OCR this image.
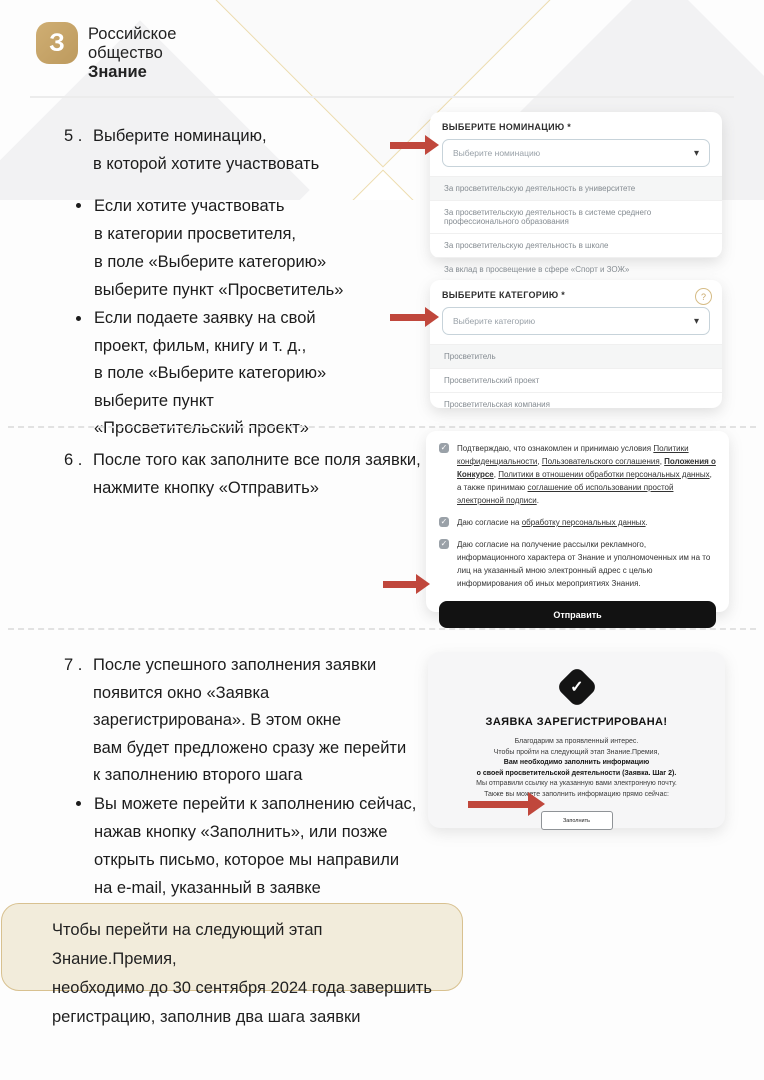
З Российское
общество
Знание
5 . Выберите номинацию,
в которой хотите участвовать
Если хотите участвовать
в категории просветителя,
в поле «Выберите категорию»
выберите пункт «Просветитель»
Если подаете заявку на свой
проект, фильм, книгу и т. д.,
в поле «Выберите категорию»
выберите пункт
«Просветительский проект»
ВЫБЕРИТЕ НОМИНАЦИЮ *
Выберите номинацию	▾
За просветительскую деятельность в университете
За просветительскую деятельность в системе среднего профессионального образования
За просветительскую деятельность в школе
За вклад в просвещение в сфере «Спорт и ЗОЖ»
?
ВЫБЕРИТЕ КАТЕГОРИЮ *
Выберите категорию	▾
Просветитель
Просветительский проект
Просветительская компания
6 . После того как заполните все поля заявки,
нажмите кнопку «Отправить»
✓ Подтверждаю, что ознакомлен и принимаю условия Политики конфиденциальности, Пользовательского соглашения, Положения о Конкурсе, Политики в отношении обработки персональных данных, а также принимаю соглашение об использовании простой электронной подписи.
✓ Даю согласие на обработку персональных данных.
✓ Даю согласие на получение рассылки рекламного, информационного характера от Знание и уполномоченных им на то лиц на указанный мною электронный адрес с целью информирования об иных мероприятиях Знания.
Отправить
7 . После успешного заполнения заявки
появится окно «Заявка
зарегистрирована». В этом окне
вам будет предложено сразу же перейти
к заполнению второго шага
Вы можете перейти к заполнению сейчас,
нажав кнопку «Заполнить», или позже
открыть письмо, которое мы направили
на e-mail, указанный в заявке
✓
ЗАЯВКА ЗАРЕГИСТРИРОВАНА!
Благодарим за проявленный интерес.
Чтобы пройти на следующий этап Знание.Премия,
Вам необходимо заполнить информацию
о своей просветительской деятельности (Заявка. Шаг 2).
Мы отправили ссылку на указанную вами электронную почту.
Также вы можете заполнить информацию прямо сейчас:
Заполнить
Чтобы перейти на следующий этап Знание.Премия,
необходимо до 30 сентября 2024 года завершить
регистрацию, заполнив два шага заявки
